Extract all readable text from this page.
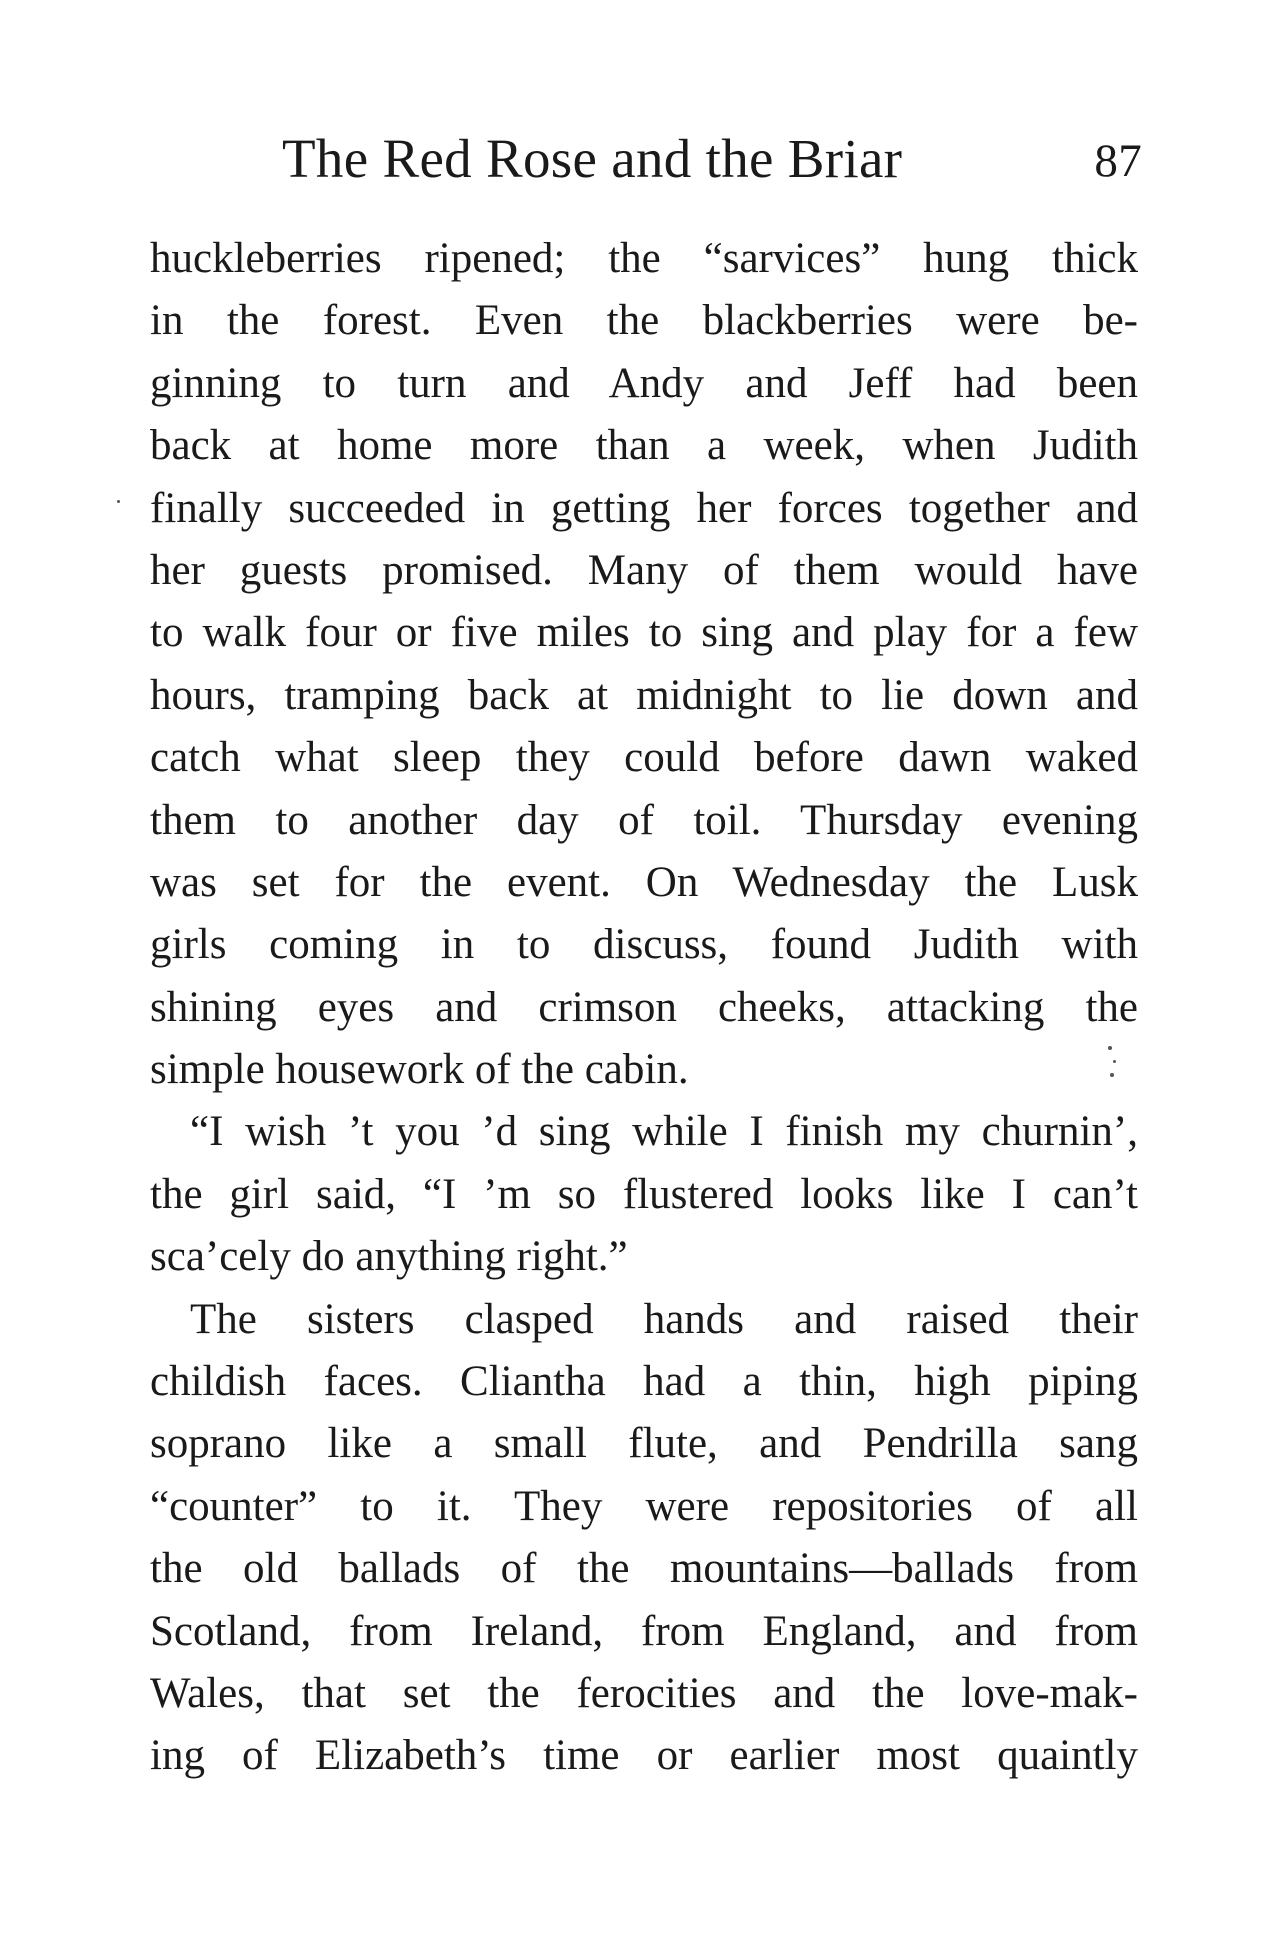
The Red Rose and the Briar	87
huckleberries ripened; the “sarvices” hung thick
in the forest. Even the blackberries were be-
ginning to turn and Andy and Jeff had been
back at home more than a week, when Judith
finally succeeded in getting her forces together and
her guests promised. Many of them would have
to walk four or five miles to sing and play for a few
hours, tramping back at midnight to lie down and
catch what sleep they could before dawn waked
them to another day of toil. Thursday evening
was set for the event. On Wednesday the Lusk
girls coming in to discuss, found Judith with
shining eyes and crimson cheeks, attacking the
simple housework of the cabin.
“I wish ’t you ’d sing while I finish my churnin’,
the girl said, “I ’m so flustered looks like I can’t
sca’cely do anything right.”
The sisters clasped hands and raised their
childish faces. Cliantha had a thin, high piping
soprano like a small flute, and Pendrilla sang
“counter” to it. They were repositories of all
the old ballads of the mountains—ballads from
Scotland, from Ireland, from England, and from
Wales, that set the ferocities and the love-mak-
ing of Elizabeth’s time or earlier most quaintly
